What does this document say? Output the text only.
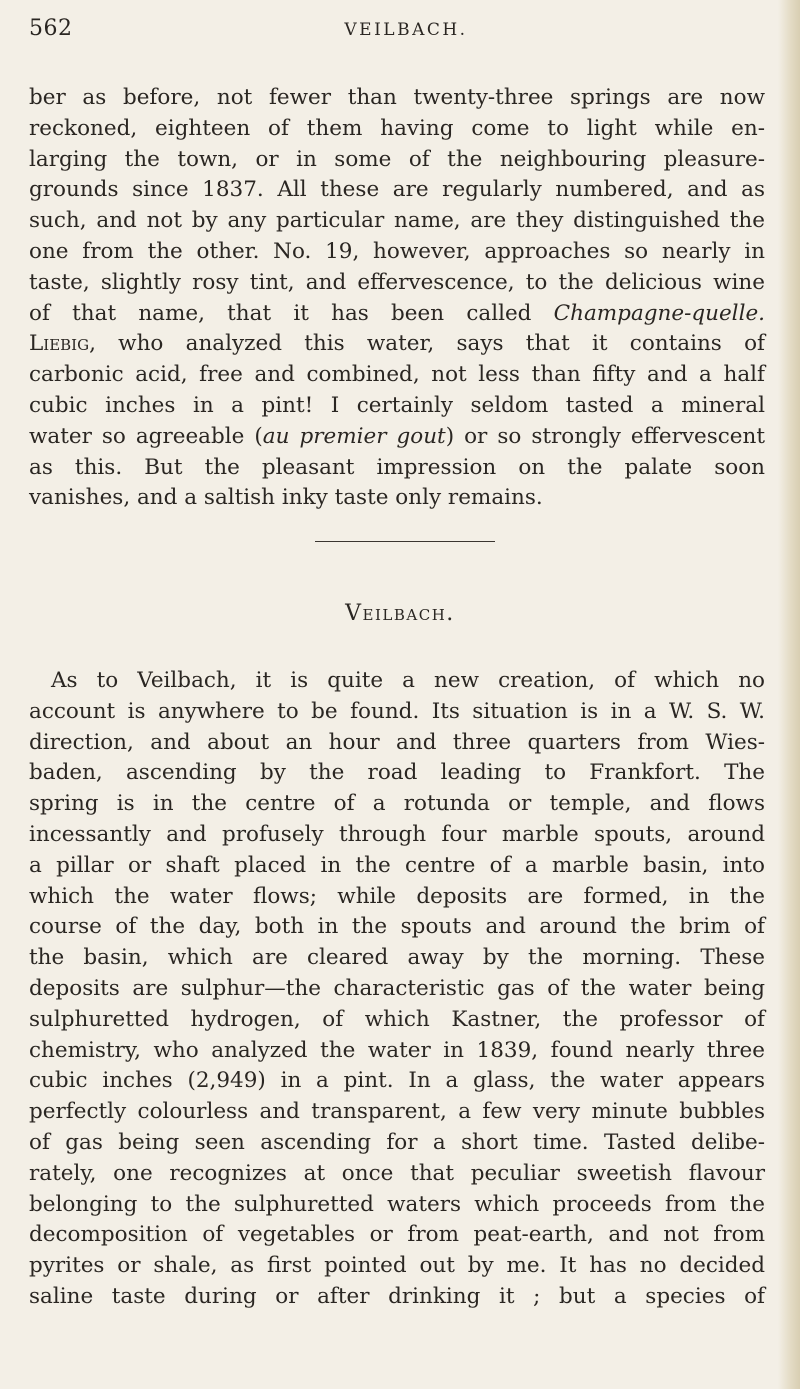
562	VEILBACH.
ber as before, not fewer than twenty-three springs are now
reckoned, eighteen of them having come to light while en-
larging the town, or in some of the neighbouring pleasure-
grounds since 1837. All these are regularly numbered, and as
such, and not by any particular name, are they distinguished the
one from the other. No. 19, however, approaches so nearly in
taste, slightly rosy tint, and effervescence, to the delicious wine
of that name, that it has been called Champagne-quelle.
Liebig, who analyzed this water, says that it contains of
carbonic acid, free and combined, not less than fifty and a half
cubic inches in a pint! I certainly seldom tasted a mineral
water so agreeable (au premier gout) or so strongly effervescent
as this. But the pleasant impression on the palate soon
vanishes, and a saltish inky taste only remains.
Veilbach.
As to Veilbach, it is quite a new creation, of which no
account is anywhere to be found. Its situation is in a W. S. W.
direction, and about an hour and three quarters from Wies-
baden, ascending by the road leading to Frankfort. The
spring is in the centre of a rotunda or temple, and flows
incessantly and profusely through four marble spouts, around
a pillar or shaft placed in the centre of a marble basin, into
which the water flows; while deposits are formed, in the
course of the day, both in the spouts and around the brim of
the basin, which are cleared away by the morning. These
deposits are sulphur—the characteristic gas of the water being
sulphuretted hydrogen, of which Kastner, the professor of
chemistry, who analyzed the water in 1839, found nearly three
cubic inches (2,949) in a pint. In a glass, the water appears
perfectly colourless and transparent, a few very minute bubbles
of gas being seen ascending for a short time. Tasted delibe-
rately, one recognizes at once that peculiar sweetish flavour
belonging to the sulphuretted waters which proceeds from the
decomposition of vegetables or from peat-earth, and not from
pyrites or shale, as first pointed out by me. It has no decided
saline taste during or after drinking it ; but a species of
